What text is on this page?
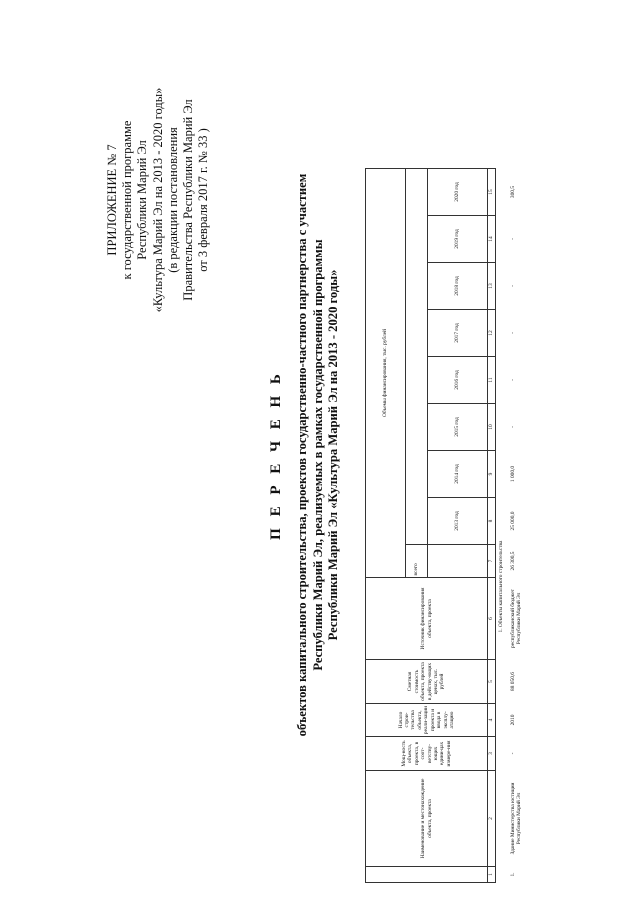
ПРИЛОЖЕНИЕ № 7 к государственной программе Республики Марий Эл «Культура Марий Эл на 2013 - 2020 годы» (в редакции постановления Правительства Республики Марий Эл от 3 февраля 2017 г. № 33 )
П Е Р Е Ч Е Н Ь объектов капитального строительства, проектов государственно-частного партнерства с участием Республики Марий Эл, реализуемых в рамках государственной программы Республики Марий Эл «Культура Марий Эл на 2013 - 2020 годы»
	Наименование и местонахождение объекта, проекта	Мощ-ность объекта, проекта, в соот-ветству-ющих едини-цах измере-ния	Начало строи-тельства объекта, реали-зации проекта и ввода в эксплу-атацию	Сметная стоимость объекта, проекта в действу-ющих ценах, тыс. рублей	Источник финансирования объекта, проекта	Объемы финансирования, тыс. рублей								
						всего								
							2013 год	2014 год	2015 год	2016 год	2017 год	2018 год	2019 год	2020 год
1	2	3	4	5	6	7	8	9	10	11	12	13	14	15
1. Объекты капитального строительства														
1.	Здание Министерства юстиции Республики Марий Эл	-	2010	88 050,6	республиканский бюджет Республики Марий Эл	26 300,5	25 000,0	1 000,0	-	-	-	-	-	300,5
